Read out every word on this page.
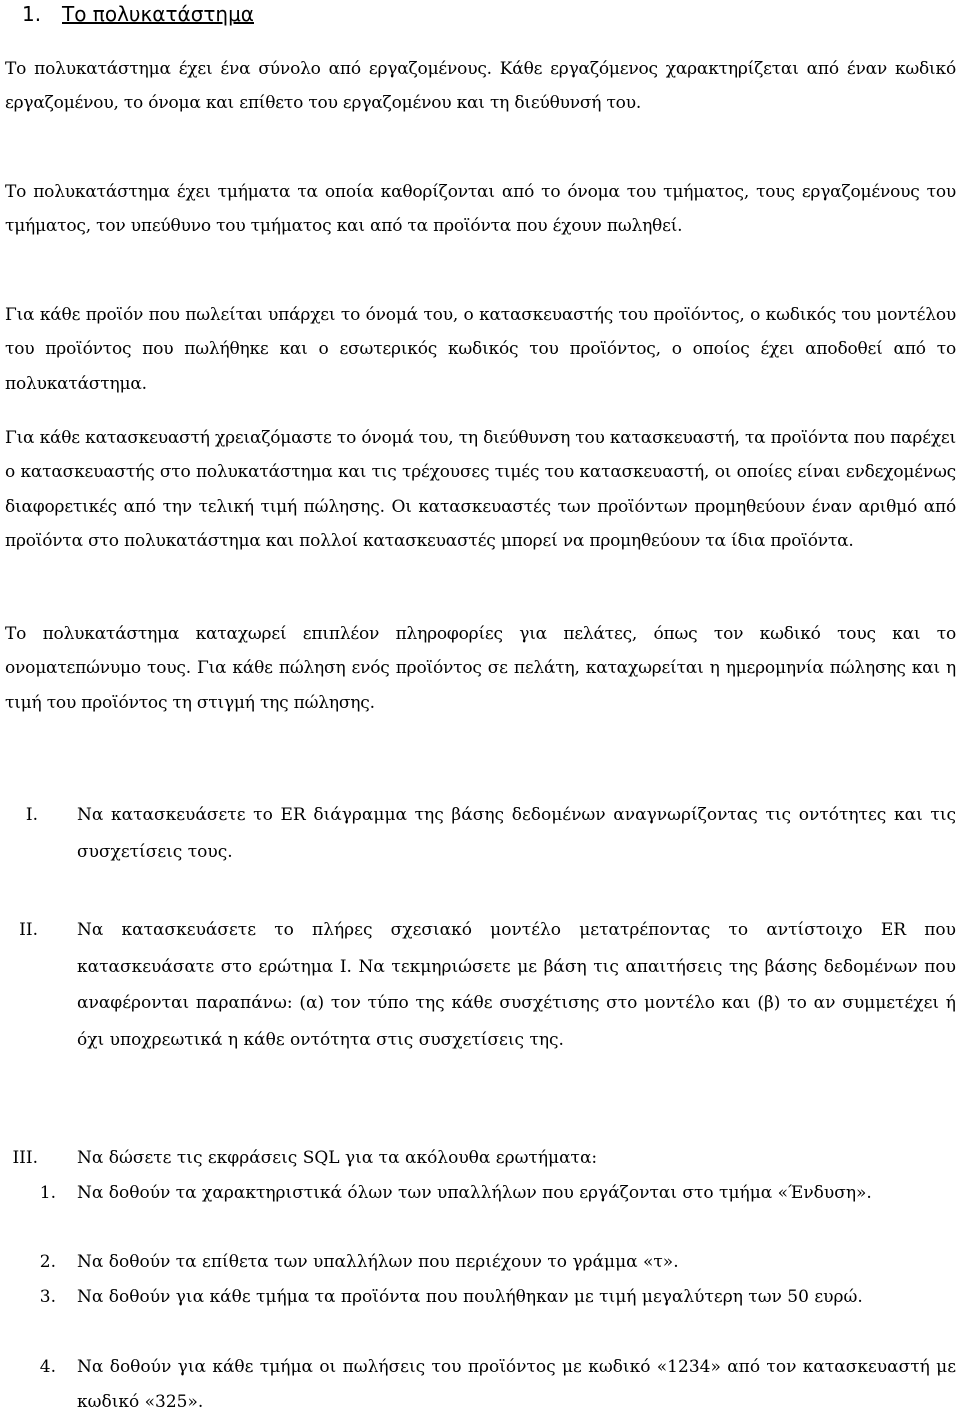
1. Το πολυκατάστημα

Το πολυκατάστημα έχει ένα σύνολο από εργαζομένους. Κάθε εργαζόμενος χαρακτηρίζεται από έναν κωδικό εργαζομένου, το όνομα και επίθετο του εργαζομένου και τη διεύθυνσή του.

Το πολυκατάστημα έχει τμήματα τα οποία καθορίζονται από το όνομα του τμήματος, τους εργαζομένους του τμήματος, τον υπεύθυνο του τμήματος και από τα προϊόντα που έχουν πωληθεί.

Για κάθε προϊόν που πωλείται υπάρχει το όνομά του, ο κατασκευαστής του προϊόντος, ο κωδικός του μοντέλου του προϊόντος που πωλήθηκε και ο εσωτερικός κωδικός του προϊόντος, ο οποίος έχει αποδοθεί από το πολυκατάστημα.

Για κάθε κατασκευαστή χρειαζόμαστε το όνομά του, τη διεύθυνση του κατασκευαστή, τα προϊόντα που παρέχει ο κατασκευαστής στο πολυκατάστημα και τις τρέχουσες τιμές του κατασκευαστή, οι οποίες είναι ενδεχομένως διαφορετικές από την τελική τιμή πώλησης. Οι κατασκευαστές των προϊόντων προμηθεύουν έναν αριθμό από προϊόντα στο πολυκατάστημα και πολλοί κατασκευαστές μπορεί να προμηθεύουν τα ίδια προϊόντα.

Το πολυκατάστημα καταχωρεί επιπλέον πληροφορίες για πελάτες, όπως τον κωδικό τους και το ονοματεπώνυμο τους. Για κάθε πώληση ενός προϊόντος σε πελάτη, καταχωρείται η ημερομηνία πώλησης και η τιμή του προϊόντος τη στιγμή της πώλησης.

I. Να κατασκευάσετε το ER διάγραμμα της βάσης δεδομένων αναγνωρίζοντας τις οντότητες και τις συσχετίσεις τους.
II. Να κατασκευάσετε το πλήρες σχεσιακό μοντέλο μετατρέποντας το αντίστοιχο ER που κατασκευάσατε στο ερώτημα I. Να τεκμηριώσετε με βάση τις απαιτήσεις της βάσης δεδομένων που αναφέρονται παραπάνω: (α) τον τύπο της κάθε συσχέτισης στο μοντέλο και (β) το αν συμμετέχει ή όχι υποχρεωτικά η κάθε οντότητα στις συσχετίσεις της.
III. Να δώσετε τις εκφράσεις SQL για τα ακόλουθα ερωτήματα:
1. Να δοθούν τα χαρακτηριστικά όλων των υπαλλήλων που εργάζονται στο τμήμα «Ένδυση».
2. Να δοθούν τα επίθετα των υπαλλήλων που περιέχουν το γράμμα «τ».
3. Να δοθούν για κάθε τμήμα τα προϊόντα που πουλήθηκαν με τιμή μεγαλύτερη των 50 ευρώ.
4. Να δοθούν για κάθε τμήμα οι πωλήσεις του προϊόντος με κωδικό «1234» από τον κατασκευαστή με κωδικό «325».
